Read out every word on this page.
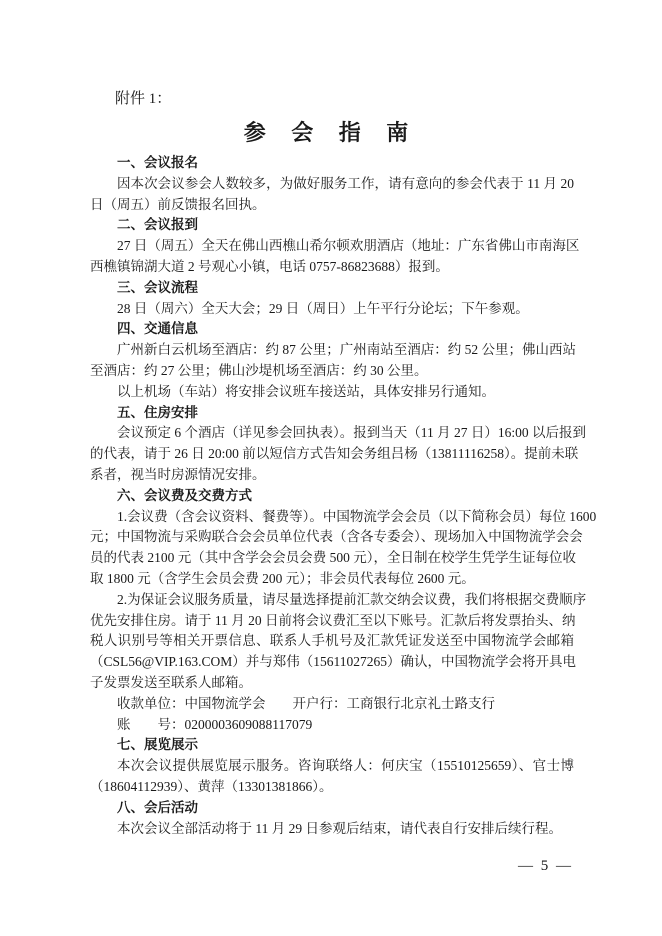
附件 1：
参 会 指 南
一、会议报名
因本次会议参会人数较多，为做好服务工作，请有意向的参会代表于 11 月 20
日（周五）前反馈报名回执。
二、会议报到
27 日（周五）全天在佛山西樵山希尔顿欢朋酒店（地址：广东省佛山市南海区
西樵镇锦湖大道 2 号观心小镇，电话 0757-86823688）报到。
三、会议流程
28 日（周六）全天大会；29 日（周日）上午平行分论坛；下午参观。
四、交通信息
广州新白云机场至酒店：约 87 公里；广州南站至酒店：约 52 公里；佛山西站
至酒店：约 27 公里；佛山沙堤机场至酒店：约 30 公里。
以上机场（车站）将安排会议班车接送站，具体安排另行通知。
五、住房安排
会议预定 6 个酒店（详见参会回执表）。报到当天（11 月 27 日）16:00 以后报到
的代表，请于 26 日 20:00 前以短信方式告知会务组吕杨（13811116258）。提前未联
系者，视当时房源情况安排。
六、会议费及交费方式
1.会议费（含会议资料、餐费等）。中国物流学会会员（以下简称会员）每位 1600
元；中国物流与采购联合会会员单位代表（含各专委会）、现场加入中国物流学会会
员的代表 2100 元（其中含学会会员会费 500 元），全日制在校学生凭学生证每位收
取 1800 元（含学生会员会费 200 元）；非会员代表每位 2600 元。
2.为保证会议服务质量，请尽量选择提前汇款交纳会议费，我们将根据交费顺序
优先安排住房。请于 11 月 20 日前将会议费汇至以下账号。汇款后将发票抬头、纳
税人识别号等相关开票信息、联系人手机号及汇款凭证发送至中国物流学会邮箱
（CSL56@VIP.163.COM）并与郑伟（15611027265）确认，中国物流学会将开具电
子发票发送至联系人邮箱。
收款单位：中国物流学会　　开户行：工商银行北京礼士路支行
账　　号：0200003609088117079
七、展览展示
本次会议提供展览展示服务。咨询联络人：何庆宝（15510125659）、官士博
（18604112939）、黄萍（13301381866）。
八、会后活动
本次会议全部活动将于 11 月 29 日参观后结束，请代表自行安排后续行程。
— 5 —
